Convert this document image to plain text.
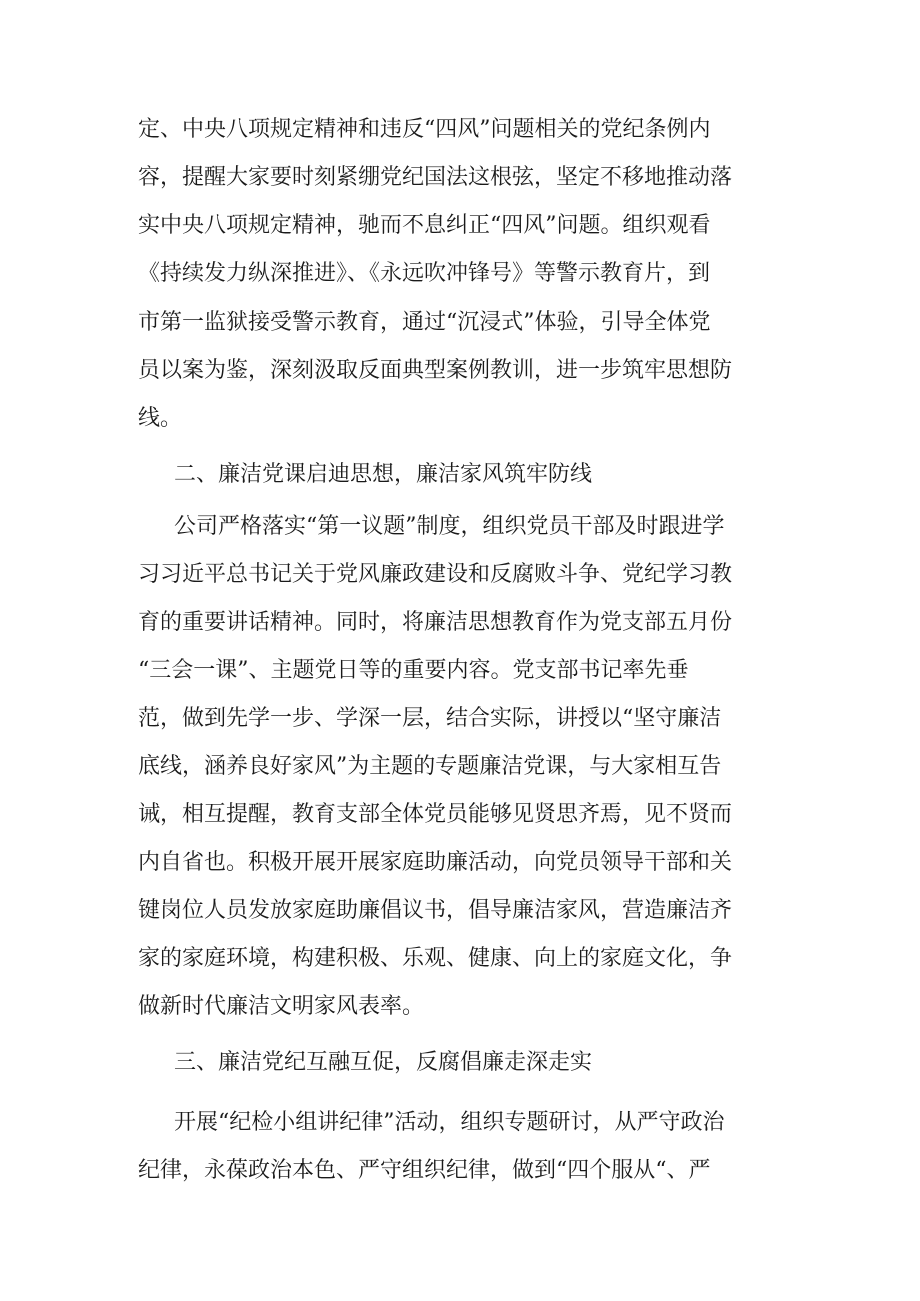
定、中央八项规定精神和违反“四风”问题相关的党纪条例内
容，提醒大家要时刻紧绷党纪国法这根弦，坚定不移地推动落
实中央八项规定精神，驰而不息纠正“四风”问题。组织观看
《持续发力纵深推进》、《永远吹冲锋号》等警示教育片，到
市第一监狱接受警示教育，通过“沉浸式”体验，引导全体党
员以案为鉴，深刻汲取反面典型案例教训，进一步筑牢思想防
线。
二、廉洁党课启迪思想，廉洁家风筑牢防线
公司严格落实“第一议题”制度，组织党员干部及时跟进学
习习近平总书记关于党风廉政建设和反腐败斗争、党纪学习教
育的重要讲话精神。同时，将廉洁思想教育作为党支部五月份
“三会一课”、主题党日等的重要内容。党支部书记率先垂
范，做到先学一步、学深一层，结合实际，讲授以“坚守廉洁
底线，涵养良好家风”为主题的专题廉洁党课，与大家相互告
诫，相互提醒，教育支部全体党员能够见贤思齐焉，见不贤而
内自省也。积极开展开展家庭助廉活动，向党员领导干部和关
键岗位人员发放家庭助廉倡议书，倡导廉洁家风，营造廉洁齐
家的家庭环境，构建积极、乐观、健康、向上的家庭文化，争
做新时代廉洁文明家风表率。
三、廉洁党纪互融互促，反腐倡廉走深走实
开展“纪检小组讲纪律”活动，组织专题研讨，从严守政治
纪律，永葆政治本色、严守组织纪律，做到“四个服从“、严
